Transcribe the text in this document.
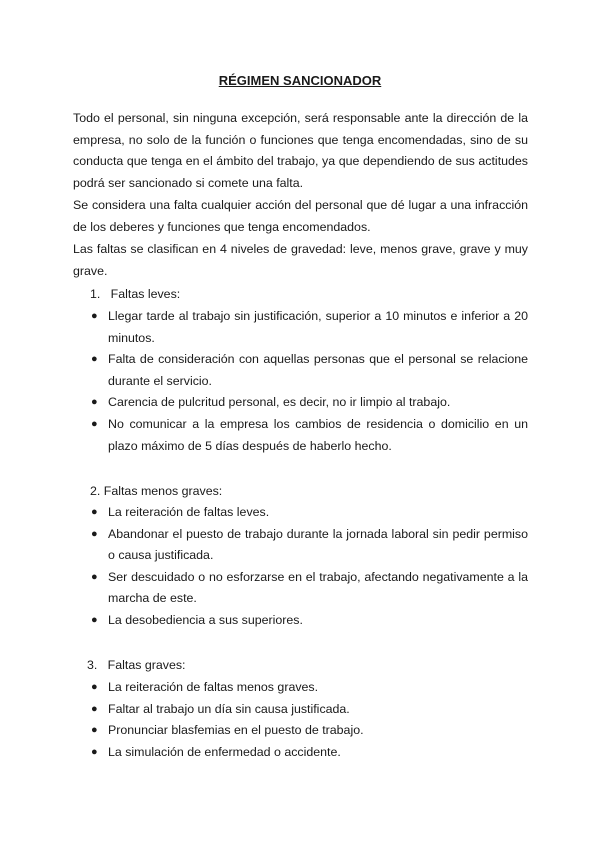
RÉGIMEN SANCIONADOR

Todo el personal, sin ninguna excepción, será responsable ante la dirección de la empresa, no solo de la función o funciones que tenga encomendadas, sino de su conducta que tenga en el ámbito del trabajo, ya que dependiendo de sus actitudes podrá ser sancionado si comete una falta.

Se considera una falta cualquier acción del personal que dé lugar a una infracción de los deberes y funciones que tenga encomendados.

Las faltas se clasifican en 4 niveles de gravedad: leve, menos grave, grave y muy grave.

1.   Faltas leves:
● Llegar tarde al trabajo sin justificación, superior a 10 minutos e inferior a 20 minutos.
● Falta de consideración con aquellas personas que el personal se relacione durante el servicio.
● Carencia de pulcritud personal, es decir, no ir limpio al trabajo.
● No comunicar a la empresa los cambios de residencia o domicilio en un plazo máximo de 5 días después de haberlo hecho.
2. Faltas menos graves:
● La reiteración de faltas leves.
● Abandonar el puesto de trabajo durante la jornada laboral sin pedir permiso o causa justificada.
● Ser descuidado o no esforzarse en el trabajo, afectando negativamente a la marcha de este.
● La desobediencia a sus superiores.
3.   Faltas graves:
● La reiteración de faltas menos graves.
● Faltar al trabajo un día sin causa justificada.
● Pronunciar blasfemias en el puesto de trabajo.
● La simulación de enfermedad o accidente.
